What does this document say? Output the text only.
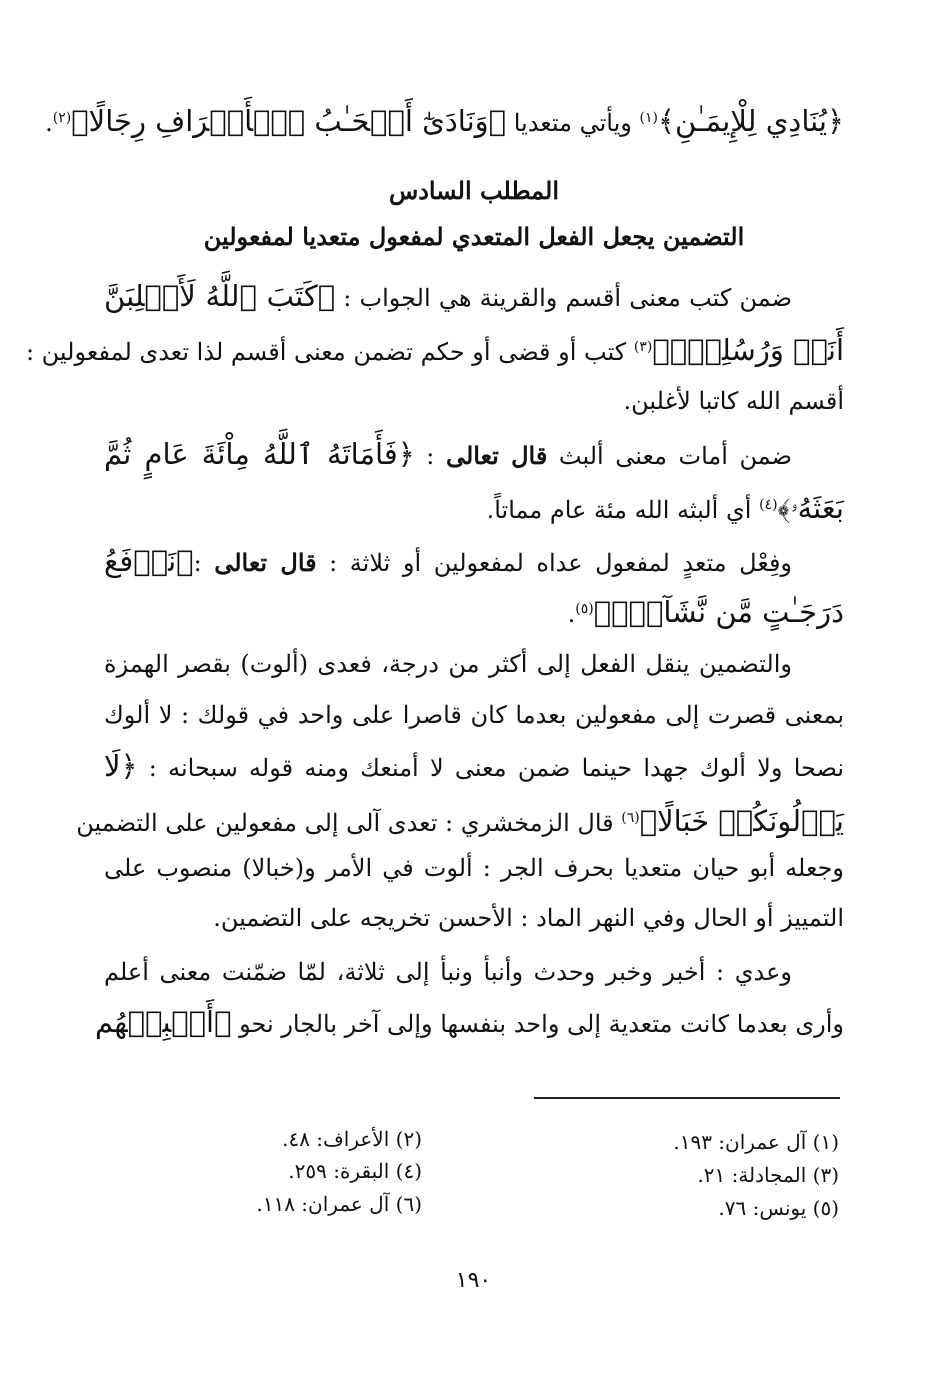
﴿يُنَادِي لِلْإِيمَـٰنِ﴾$^{(١)}$ ويأتي متعديا ﴿وَنَادَىٰٓ أَصۡحَـٰبُ ٱلۡأَعۡرَافِ رِجَالًا﴾$^{(٢)}$.
المطلب السادس
التضمين يجعل الفعل المتعدي لمفعول متعديا لمفعولين
ضمن كتب معنى أقسم والقرينة هي الجواب : ﴿كَتَبَ ٱللَّهُ لَأَغۡلِبَنَّ
أَنَا۠ وَرُسُلِيٓۚ﴾$^{(٣)}$ كتب أو قضى أو حكم تضمن معنى أقسم لذا تعدى لمفعولين :
أقسم الله كاتبا لأغلبن.
ضمن أمات معنى ألبث قال تعالى : ﴿فَأَمَاتَهُ ٱللَّهُ مِاْئَةَ عَامٍ ثُمَّ
بَعَثَهُۥ﴾$^{(٤)}$ أي ألبثه الله مئة عام مماتاً.
وفِعْل متعدٍ لمفعول عداه لمفعولين أو ثلاثة : قال تعالى :﴿نَرۡفَعُ
دَرَجَـٰتٍ مَّن نَّشَآءُۗ﴾$^{(٥)}$.
والتضمين ينقل الفعل إلى أكثر من درجة، فعدى (ألوت) بقصر الهمزة
بمعنى قصرت إلى مفعولين بعدما كان قاصرا على واحد في قولك : لا ألوك
نصحا ولا ألوك جهدا حينما ضمن معنى لا أمنعك ومنه قوله سبحانه : ﴿لَا
يَأۡلُونَكُمۡ خَبَالًا﴾$^{(٦)}$ قال الزمخشري : تعدى آلى إلى مفعولين على التضمين
وجعله أبو حيان متعديا بحرف الجر : ألوت في الأمر و(خبالا) منصوب على
التمييز أو الحال وفي النهر الماد : الأحسن تخريجه على التضمين.
وعدي : أخبر وخبر وحدث وأنبأ ونبأ إلى ثلاثة، لمّا ضمّنت معنى أعلم
وأرى بعدما كانت متعدية إلى واحد بنفسها وإلى آخر بالجار نحو ﴿أَنۢبِئۡهُم
(١) آل عمران: ١٩٣.
(٢) الأعراف: ٤٨.
(٣) المجادلة: ٢١.
(٤) البقرة: ٢٥٩.
(٥) يونس: ٧٦.
(٦) آل عمران: ١١٨.
١٩٠
